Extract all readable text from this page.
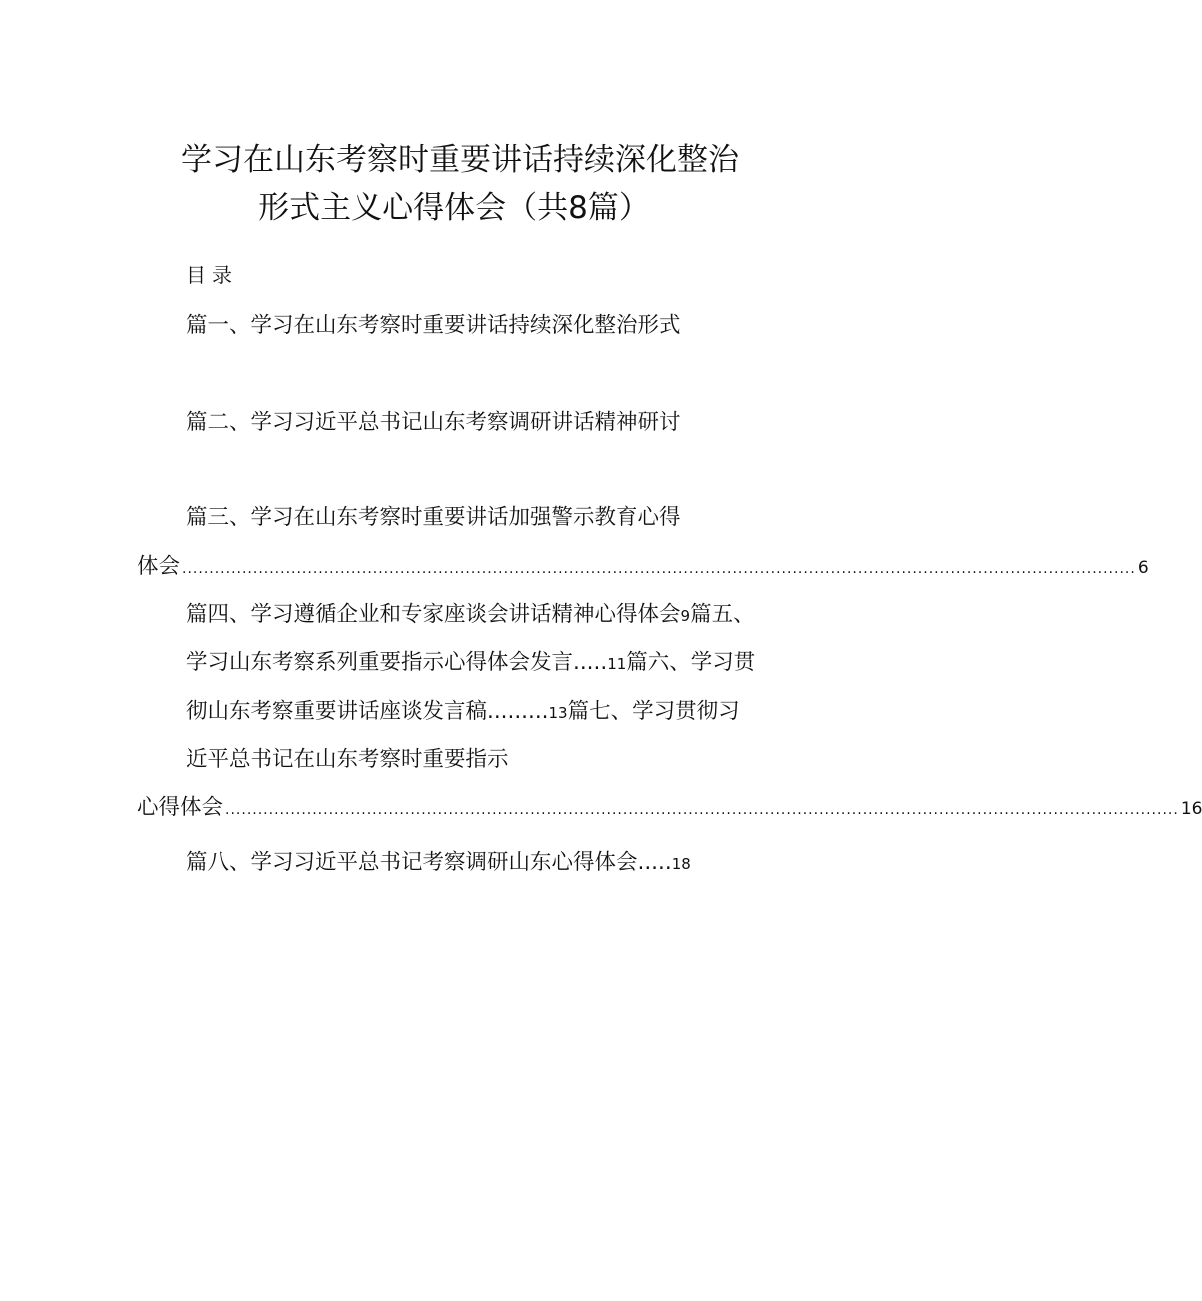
学习在山东考察时重要讲话持续深化整治
形式主义心得体会（共8篇）
目录
篇一、学习在山东考察时重要讲话持续深化整治形式
篇二、学习习近平总书记山东考察调研讲话精神研讨
篇三、学习在山东考察时重要讲话加强警示教育心得
体会 ............................................................................................................................................................................... 6
篇四、学习遵循企业和专家座谈会讲话精神心得体会9篇五、
学习山东考察系列重要指示心得体会发言.....11篇六、学习贯
彻山东考察重要讲话座谈发言稿.........13篇七、学习贯彻习
近平总书记在山东考察时重要指示
心得体会 ............................................................................................................................................................................... 16
篇八、学习习近平总书记考察调研山东心得体会.....18
